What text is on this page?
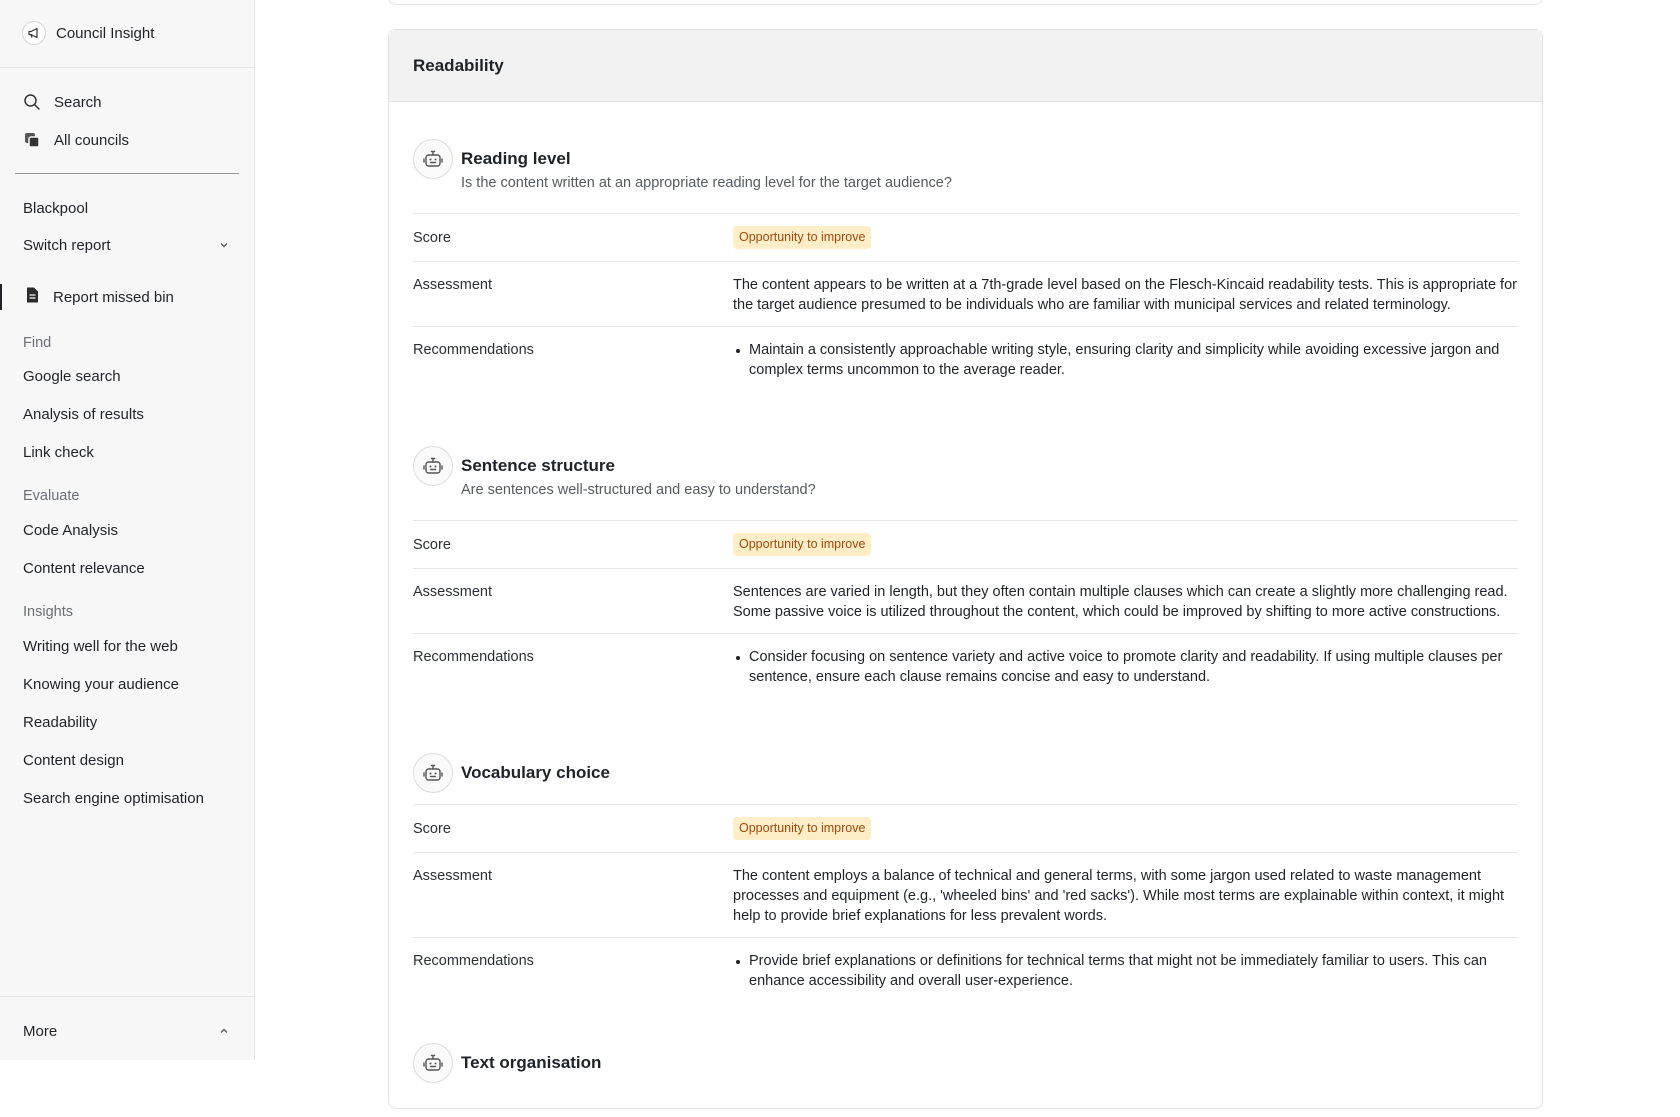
Council Insight
Search
All councils
Blackpool
Switch report
Report missed bin
Find
Google search
Analysis of results
Link check
Evaluate
Code Analysis
Content relevance
Insights
Writing well for the web
Knowing your audience
Readability
Content design
Search engine optimisation
More
Readability
Reading level
Is the content written at an appropriate reading level for the target audience?
Score	Opportunity to improve
Assessment	The content appears to be written at a 7th-grade level based on the Flesch-Kincaid readability tests. This is appropriate for the target audience presumed to be individuals who are familiar with municipal services and related terminology.
Recommendations	Maintain a consistently approachable writing style, ensuring clarity and simplicity while avoiding excessive jargon and complex terms uncommon to the average reader.
Sentence structure
Are sentences well-structured and easy to understand?
Score	Opportunity to improve
Assessment	Sentences are varied in length, but they often contain multiple clauses which can create a slightly more challenging read. Some passive voice is utilized throughout the content, which could be improved by shifting to more active constructions.
Recommendations	Consider focusing on sentence variety and active voice to promote clarity and readability. If using multiple clauses per sentence, ensure each clause remains concise and easy to understand.
Vocabulary choice
Score	Opportunity to improve
Assessment	The content employs a balance of technical and general terms, with some jargon used related to waste management processes and equipment (e.g., 'wheeled bins' and 'red sacks'). While most terms are explainable within context, it might help to provide brief explanations for less prevalent words.
Recommendations	Provide brief explanations or definitions for technical terms that might not be immediately familiar to users. This can enhance accessibility and overall user-experience.
Text organisation
